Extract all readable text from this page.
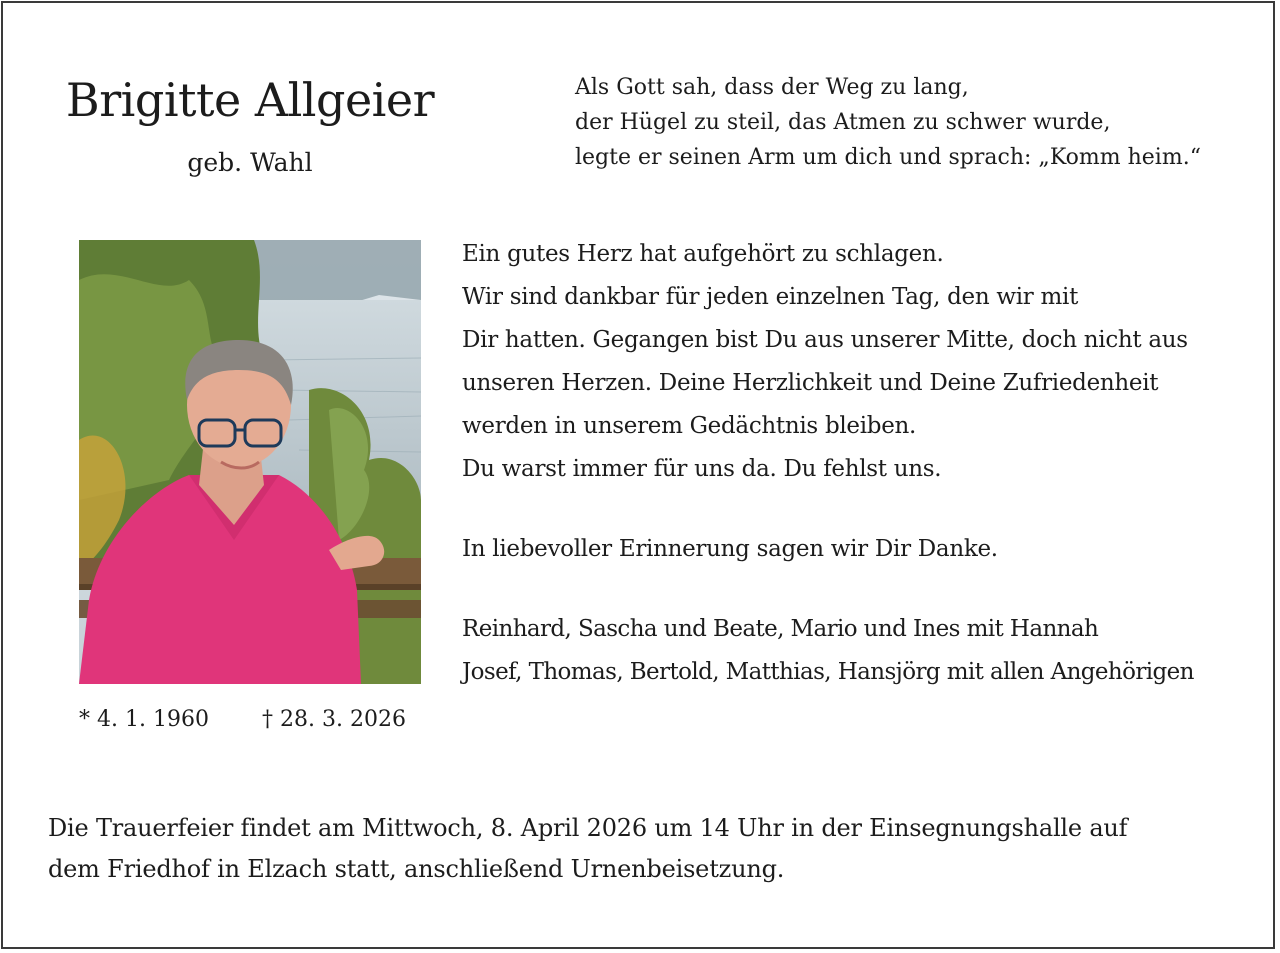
Brigitte Allgeier
geb. Wahl
Als Gott sah, dass der Weg zu lang,
der Hügel zu steil, das Atmen zu schwer wurde,
legte er seinen Arm um dich und sprach: „Komm heim.“
* 4. 1. 1960 † 28. 3. 2026
Ein gutes Herz hat aufgehört zu schlagen.
Wir sind dankbar für jeden einzelnen Tag, den wir mit
Dir hatten. Gegangen bist Du aus unserer Mitte, doch nicht aus
unseren Herzen. Deine Herzlichkeit und Deine Zufriedenheit
werden in unserem Gedächtnis bleiben.
Du warst immer für uns da. Du fehlst uns.
In liebevoller Erinnerung sagen wir Dir Danke.
Reinhard, Sascha und Beate, Mario und Ines mit Hannah
Josef, Thomas, Bertold, Matthias, Hansjörg mit allen Angehörigen
Die Trauerfeier findet am Mittwoch, 8. April 2026 um 14 Uhr in der Einsegnungshalle auf
dem Friedhof in Elzach statt, anschließend Urnenbeisetzung.
